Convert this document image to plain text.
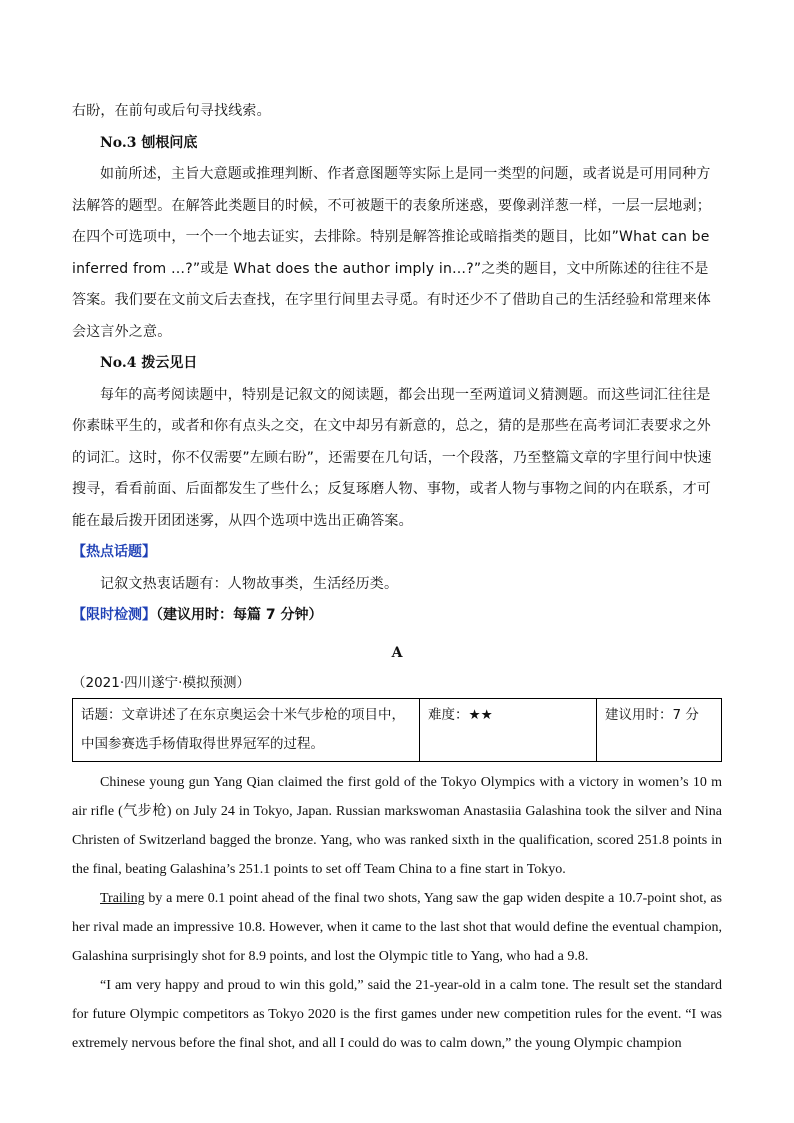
右盼，在前句或后句寻找线索。

No.3 刨根问底

如前所述，主旨大意题或推理判断、作者意图题等实际上是同一类型的问题，或者说是可用同种方法解答的题型。在解答此类题目的时候，不可被题干的表象所迷惑，要像剥洋葱一样，一层一层地剥；在四个可选项中，一个一个地去证实，去排除。特别是解答推论或暗指类的题目，比如”What can be inferred from …?”或是 What does the author imply in…?”之类的题目，文中所陈述的往往不是答案。我们要在文前文后去查找，在字里行间里去寻觅。有时还少不了借助自己的生活经验和常理来体会这言外之意。

No.4 拨云见日

每年的高考阅读题中，特别是记叙文的阅读题，都会出现一至两道词义猜测题。而这些词汇往往是你素昧平生的，或者和你有点头之交，在文中却另有新意的，总之，猜的是那些在高考词汇表要求之外的词汇。这时，你不仅需要”左顾右盼”，还需要在几句话，一个段落，乃至整篇文章的字里行间中快速搜寻，看看前面、后面都发生了些什么；反复琢磨人物、事物，或者人物与事物之间的内在联系，才可能在最后拨开团团迷雾，从四个选项中选出正确答案。

【热点话题】

记叙文热衷话题有：人物故事类，生活经历类。

【限时检测】（建议用时：每篇 7 分钟）

A

（2021·四川遂宁·模拟预测）

话题：文章讲述了在东京奥运会十米气步枪的项目中，中国参赛选手杨倩取得世界冠军的过程。	难度：★★	建议用时：7 分

Chinese young gun Yang Qian claimed the first gold of the Tokyo Olympics with a victory in women’s 10 m air rifle (气步枪) on July 24 in Tokyo, Japan. Russian markswoman Anastasiia Galashina took the silver and Nina Christen of Switzerland bagged the bronze. Yang, who was ranked sixth in the qualification, scored 251.8 points in the final, beating Galashina’s 251.1 points to set off Team China to a fine start in Tokyo.

Trailing by a mere 0.1 point ahead of the final two shots, Yang saw the gap widen despite a 10.7-point shot, as her rival made an impressive 10.8. However, when it came to the last shot that would define the eventual champion, Galashina surprisingly shot for 8.9 points, and lost the Olympic title to Yang, who had a 9.8.

“I am very happy and proud to win this gold,” said the 21-year-old in a calm tone. The result set the standard for future Olympic competitors as Tokyo 2020 is the first games under new competition rules for the event. “I was extremely nervous before the final shot, and all I could do was to calm down,” the young Olympic champion
